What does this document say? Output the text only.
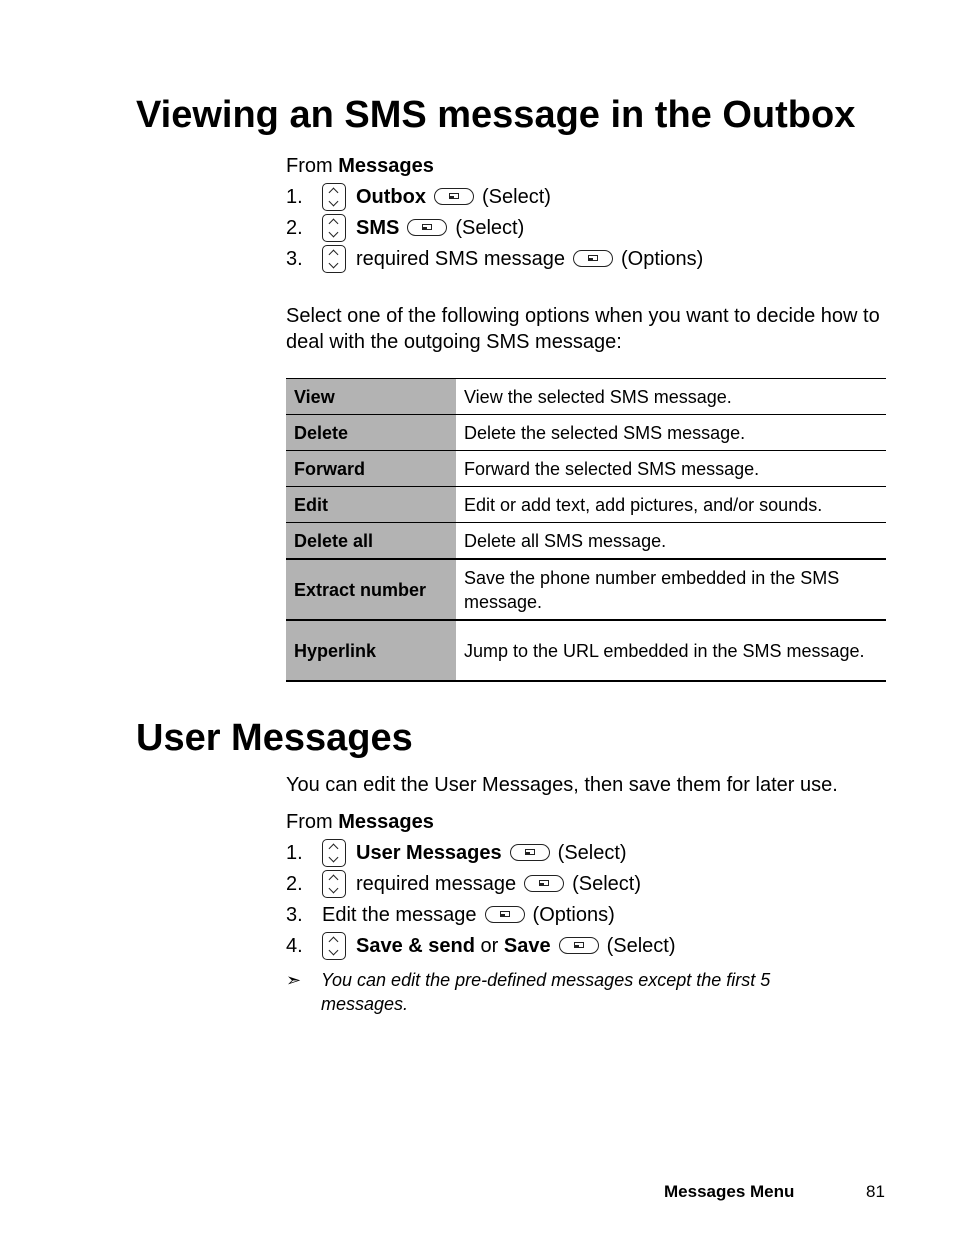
Viewing an SMS message in the Outbox
From
Messages
1.	Outbox	(Select)
2.	SMS	(Select)
3.	required SMS message	(Options)
Select one of the following options when you want to decide how to deal with the outgoing SMS message:
View	View the selected SMS message.
Delete	Delete the selected SMS message.
Forward	Forward the selected SMS message.
Edit	Edit or add text, add pictures, and/or sounds.
Delete all	Delete all SMS message.
Extract number	Save the phone number embedded in the SMS message.
Hyperlink	Jump to the URL embedded in the SMS message.
User Messages
You can edit the User Messages, then save them for later use.
From
Messages
1.	User Messages	(Select)
2.	required message	(Select)
3. Edit the message	(Options)
4.	Save & send
or
Save	(Select)
➣ You can edit the pre-defined messages except the first 5 messages.
Messages Menu	81
